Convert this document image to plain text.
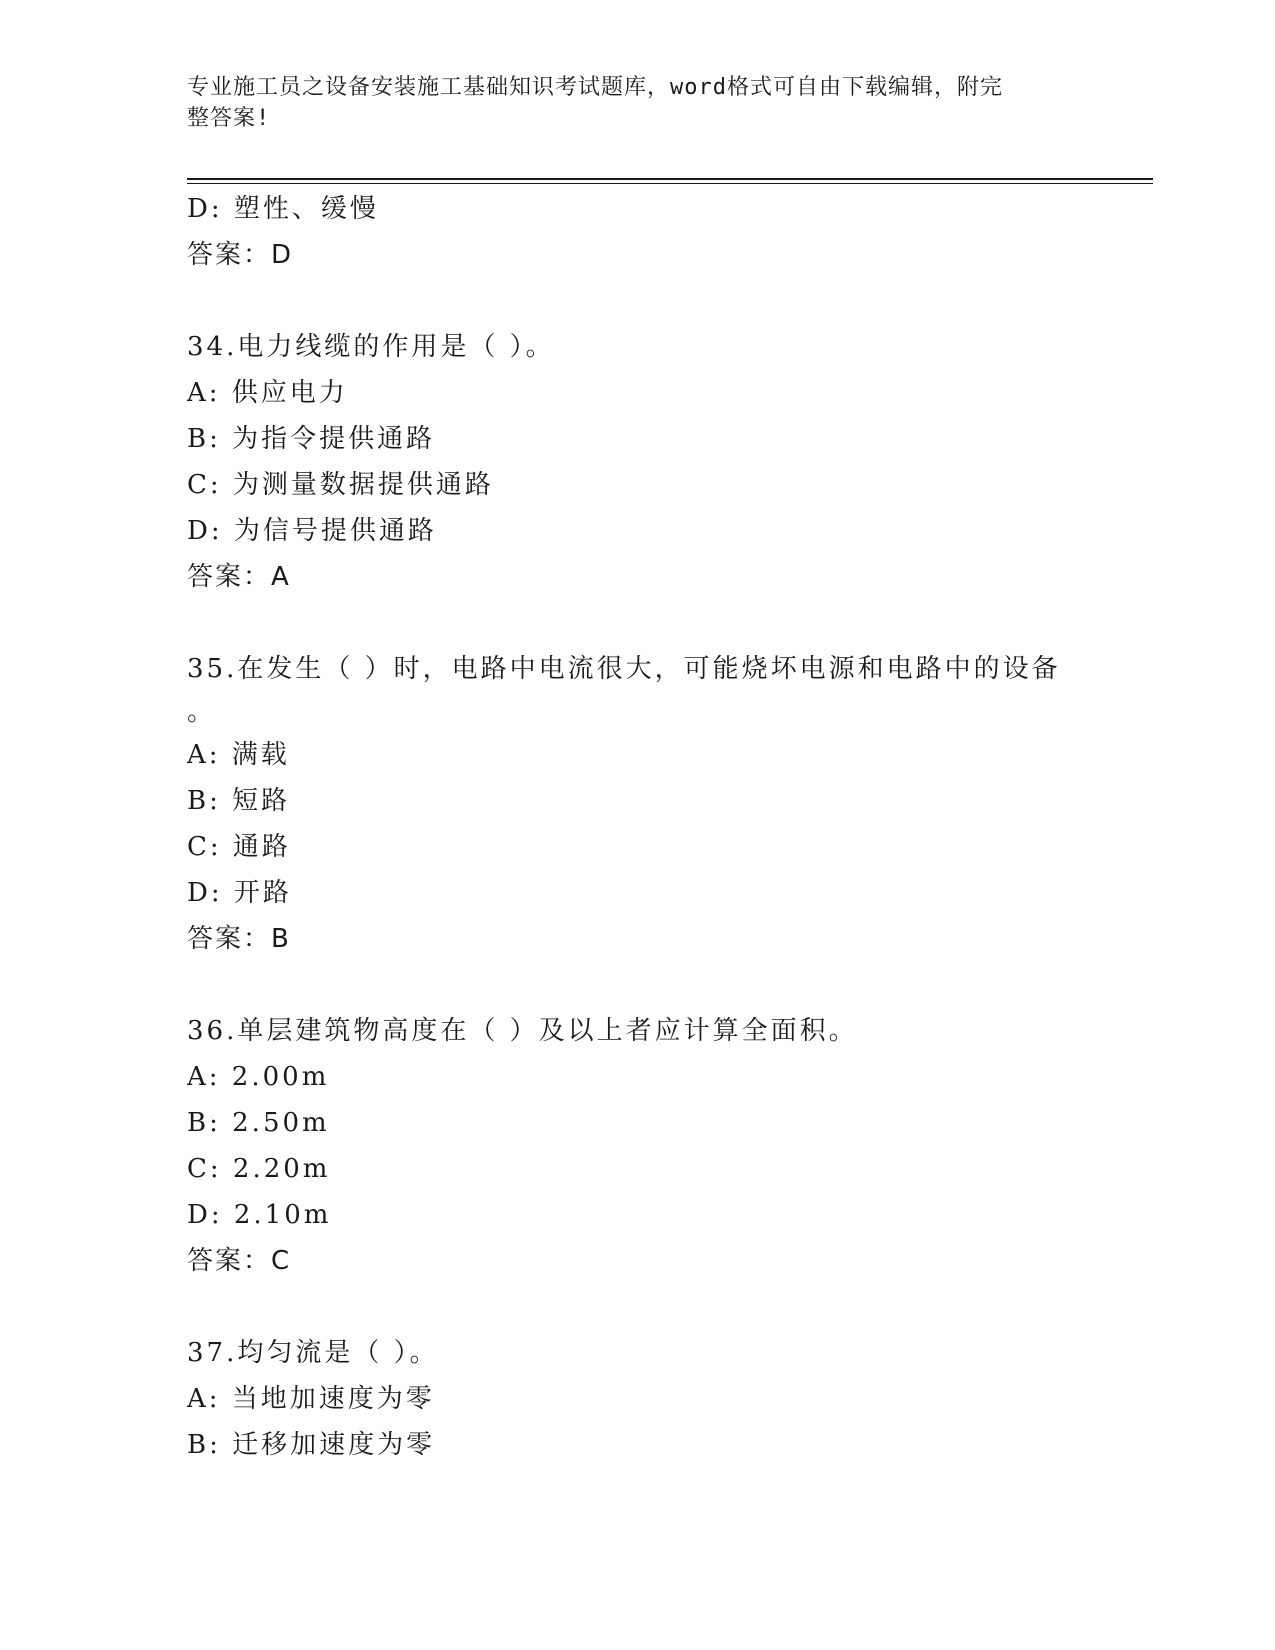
专业施工员之设备安装施工基础知识考试题库，word格式可自由下载编辑，附完
整答案!
D: 塑性、缓慢
答案：D
34.电力线缆的作用是（ ）。
A: 供应电力
B: 为指令提供通路
C: 为测量数据提供通路
D: 为信号提供通路
答案：A
35.在发生（ ）时，电路中电流很大，可能烧坏电源和电路中的设备
。
A: 满载
B: 短路
C: 通路
D: 开路
答案：B
36.单层建筑物高度在（ ）及以上者应计算全面积。
A: 2.00m
B: 2.50m
C: 2.20m
D: 2.10m
答案：C
37.均匀流是（ ）。
A: 当地加速度为零
B: 迁移加速度为零
